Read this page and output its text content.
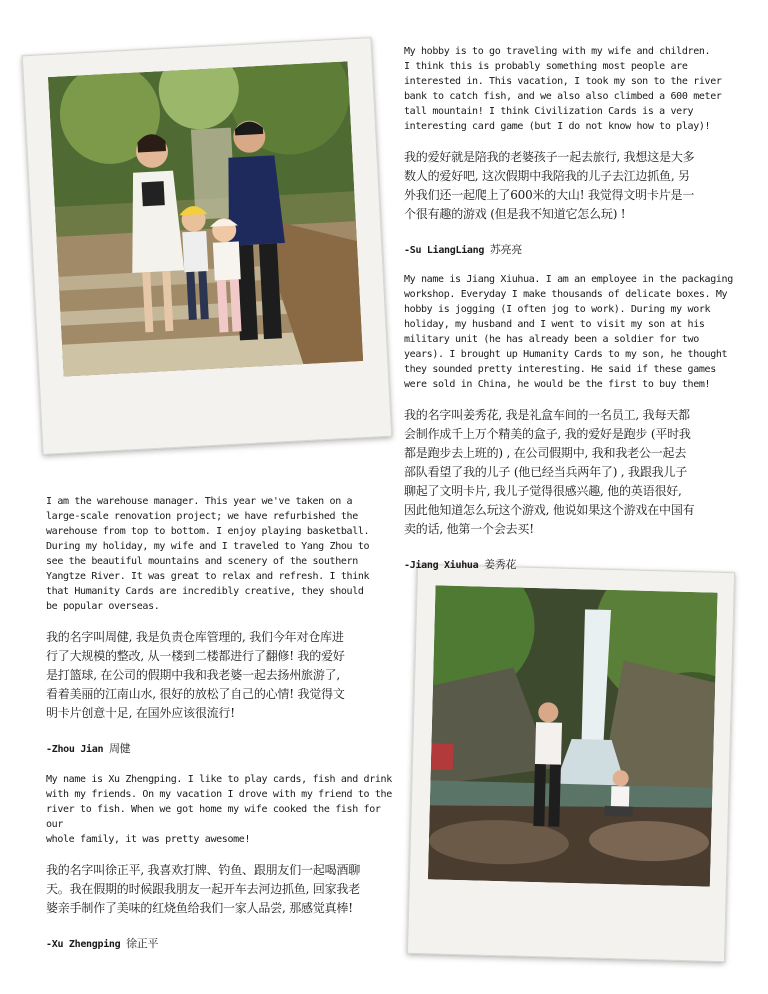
My hobby is to go traveling with my wife and children.
I think this is probably something most people are
interested in. This vacation, I took my son to the river
bank to catch fish, and we also also climbed a 600 meter
tall mountain! I think Civilization Cards is a very
interesting card game (but I do not know how to play)!

我的爱好就是陪我的老婆孩子一起去旅行, 我想这是大多
数人的爱好吧, 这次假期中我陪我的儿子去江边抓鱼, 另
外我们还一起爬上了600米的大山! 我觉得文明卡片是一
个很有趣的游戏 (但是我不知道它怎么玩) !

-Su LiangLiang 苏亮亮

My name is Jiang Xiuhua. I am an employee in the packaging
workshop. Everyday I make thousands of delicate boxes. My
hobby is jogging (I often jog to work). During my work
holiday, my husband and I went to visit my son at his
military unit (he has already been a soldier for two
years). I brought up Humanity Cards to my son, he thought
they sounded pretty interesting. He said if these games
were sold in China, he would be the first to buy them!

我的名字叫姜秀花, 我是礼盒车间的一名员工, 我每天都
会制作成千上万个精美的盒子, 我的爱好是跑步 (平时我
都是跑步去上班的) , 在公司假期中, 我和我老公一起去
部队看望了我的儿子 (他已经当兵两年了) , 我跟我儿子
聊起了文明卡片, 我儿子觉得很感兴趣, 他的英语很好,
因此他知道怎么玩这个游戏, 他说如果这个游戏在中国有
卖的话, 他第一个会去买!

-Jiang Xiuhua 姜秀花

I am the warehouse manager. This year we've taken on a
large-scale renovation project; we have refurbished the
warehouse from top to bottom. I enjoy playing basketball.
During my holiday, my wife and I traveled to Yang Zhou to
see the beautiful mountains and scenery of the southern
Yangtze River. It was great to relax and refresh. I think
that Humanity Cards are incredibly creative, they should
be popular overseas.

我的名字叫周健, 我是负责仓库管理的, 我们今年对仓库进
行了大规模的整改, 从一楼到二楼都进行了翻修! 我的爱好
是打篮球, 在公司的假期中我和我老婆一起去扬州旅游了,
看着美丽的江南山水, 很好的放松了自己的心情! 我觉得文
明卡片创意十足, 在国外应该很流行!

-Zhou Jian 周健

My name is Xu Zhengping. I like to play cards, fish and drink
with my friends. On my vacation I drove with my friend to the
river to fish. When we got home my wife cooked the fish for our
whole family, it was pretty awesome!

我的名字叫徐正平, 我喜欢打牌、钓鱼、跟朋友们一起喝酒聊
天。我在假期的时候跟我朋友一起开车去河边抓鱼, 回家我老
婆亲手制作了美味的红烧鱼给我们一家人品尝, 那感觉真棒!

-Xu Zhengping 徐正平
